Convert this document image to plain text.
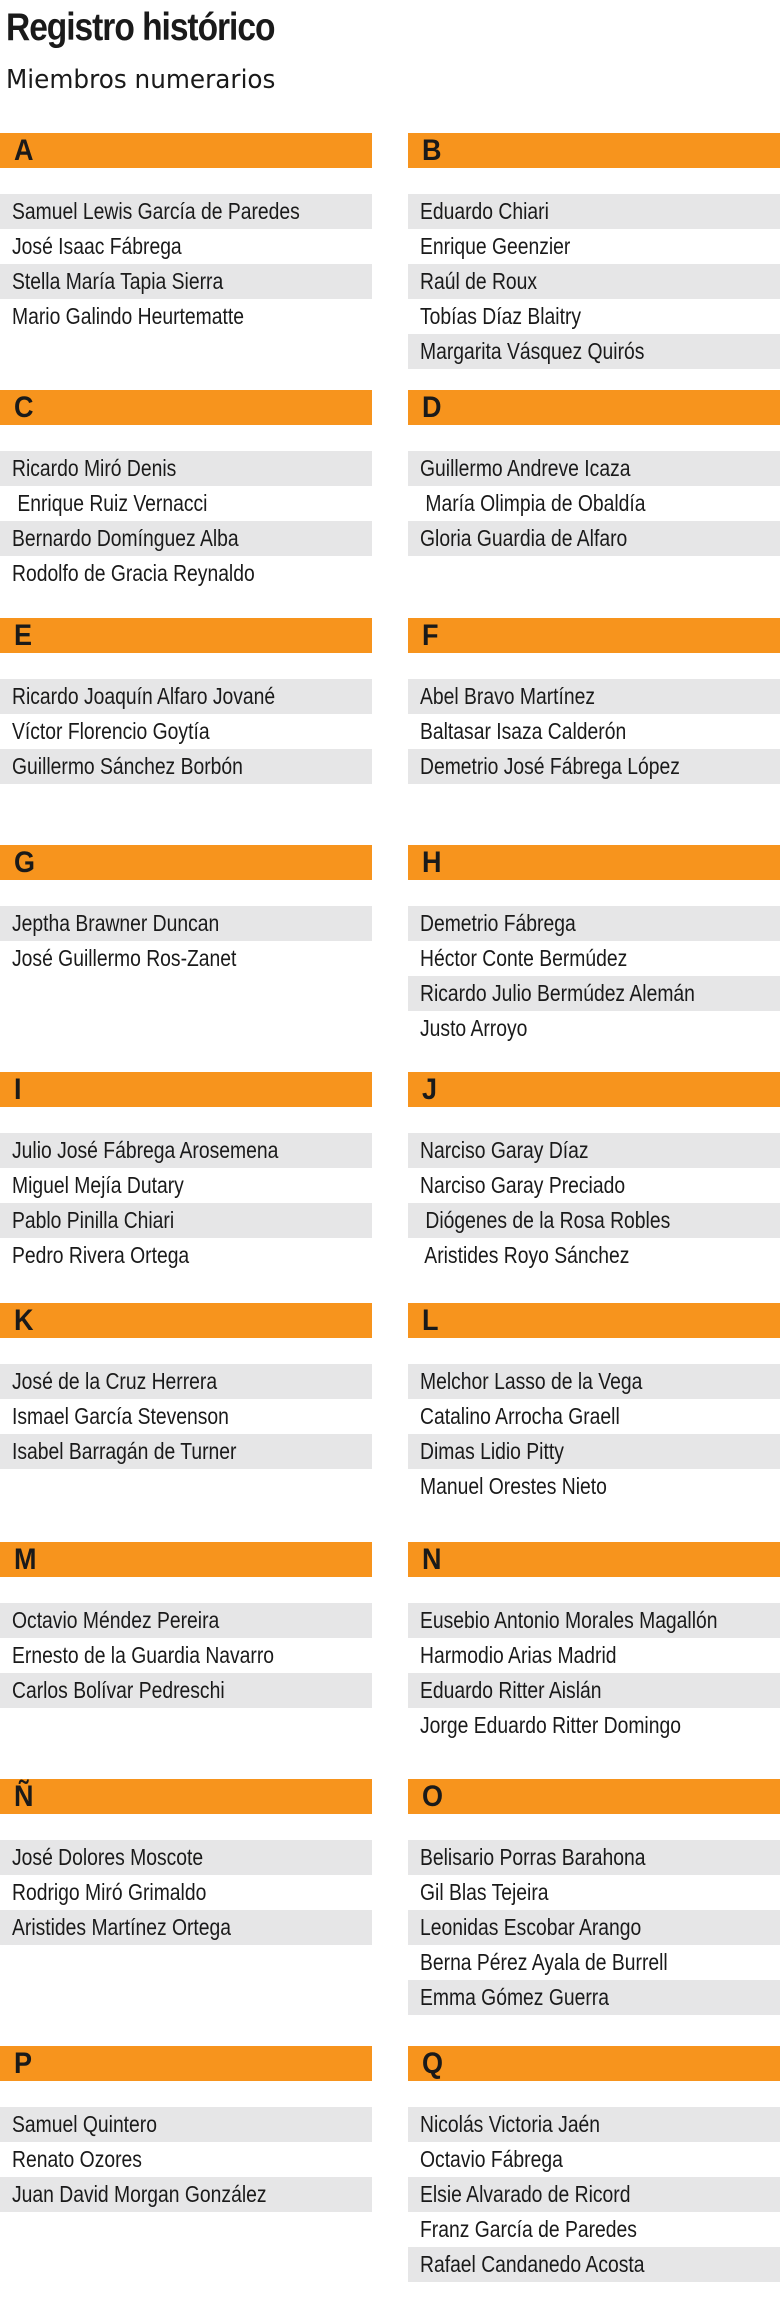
Registro histórico
Miembros numerarios
A
Samuel Lewis García de Paredes
José Isaac Fábrega
Stella María Tapia Sierra
Mario Galindo Heurtematte
B
Eduardo Chiari
Enrique Geenzier
Raúl de Roux
Tobías Díaz Blaitry
Margarita Vásquez Quirós
C
Ricardo Miró Denis
Enrique Ruiz Vernacci
Bernardo Domínguez Alba
Rodolfo de Gracia Reynaldo
D
Guillermo Andreve Icaza
María Olimpia de Obaldía
Gloria Guardia de Alfaro
E
Ricardo Joaquín Alfaro Jované
Víctor Florencio Goytía
Guillermo Sánchez Borbón
F
Abel Bravo Martínez
Baltasar Isaza Calderón
Demetrio José Fábrega López
G
Jeptha Brawner Duncan
José Guillermo Ros-Zanet
H
Demetrio Fábrega
Héctor Conte Bermúdez
Ricardo Julio Bermúdez Alemán
Justo Arroyo
I
Julio José Fábrega Arosemena
Miguel Mejía Dutary
Pablo Pinilla Chiari
Pedro Rivera Ortega
J
Narciso Garay Díaz
Narciso Garay Preciado
Diógenes de la Rosa Robles
Aristides Royo Sánchez
K
José de la Cruz Herrera
Ismael García Stevenson
Isabel Barragán de Turner
L
Melchor Lasso de la Vega
Catalino Arrocha Graell
Dimas Lidio Pitty
Manuel Orestes Nieto
M
Octavio Méndez Pereira
Ernesto de la Guardia Navarro
Carlos Bolívar Pedreschi
N
Eusebio Antonio Morales Magallón
Harmodio Arias Madrid
Eduardo Ritter Aislán
Jorge Eduardo Ritter Domingo
Ñ
José Dolores Moscote
Rodrigo Miró Grimaldo
Aristides Martínez Ortega
O
Belisario Porras Barahona
Gil Blas Tejeira
Leonidas Escobar Arango
Berna Pérez Ayala de Burrell
Emma Gómez Guerra
P
Samuel Quintero
Renato Ozores
Juan David Morgan González
Q
Nicolás Victoria Jaén
Octavio Fábrega
Elsie Alvarado de Ricord
Franz García de Paredes
Rafael Candanedo Acosta
